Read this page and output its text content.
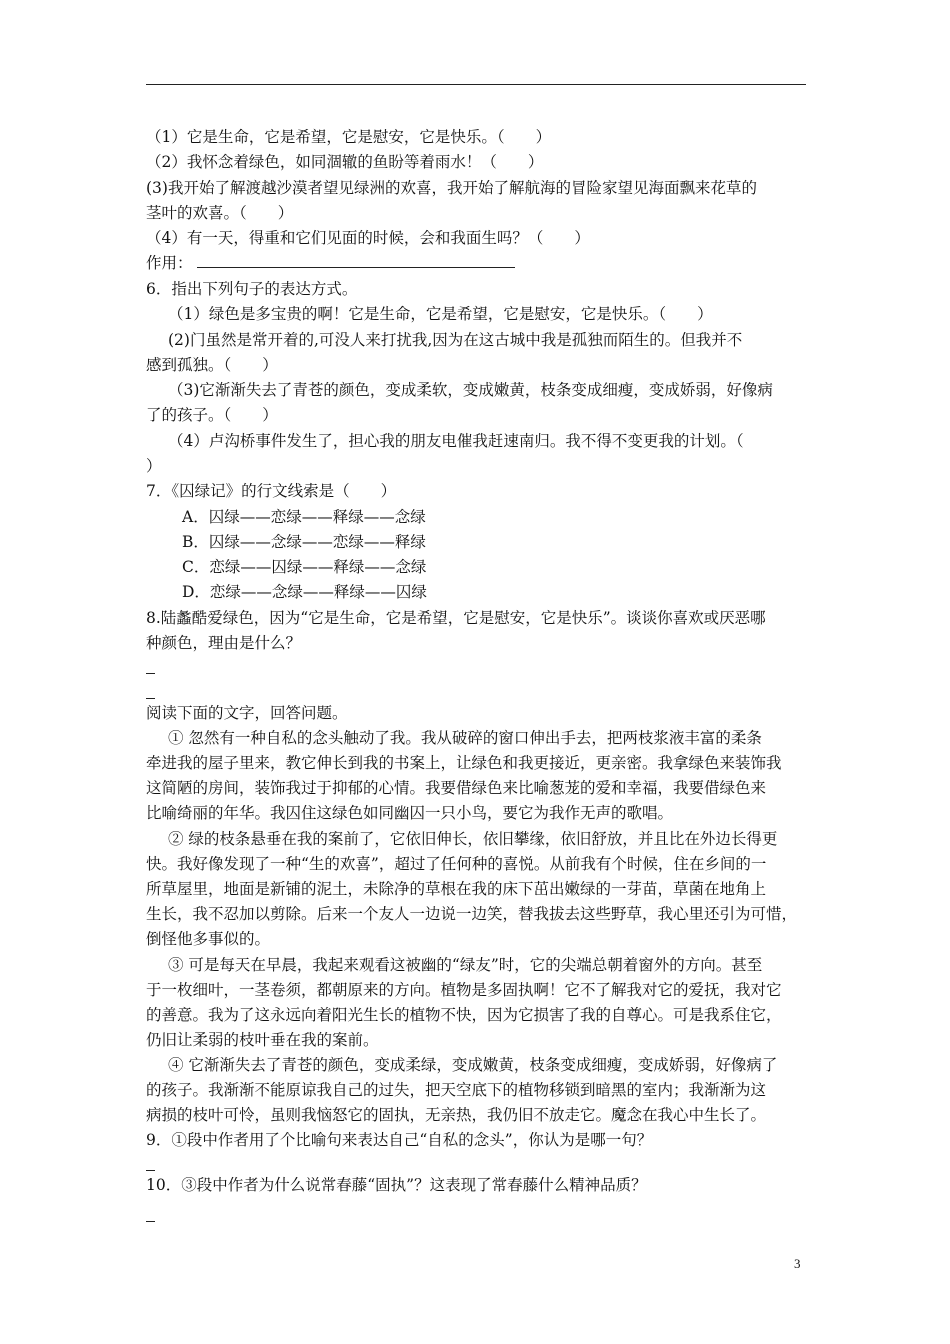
（1）它是生命，它是希望，它是慰安，它是快乐。（　　）
（2）我怀念着绿色，如同涸辙的鱼盼等着雨水！（　　）
(3)我开始了解渡越沙漠者望见绿洲的欢喜，我开始了解航海的冒险家望见海面飘来花草的
茎叶的欢喜。（　　）
（4）有一天，得重和它们见面的时候，会和我面生吗？（　　）
作用：
6．指出下列句子的表达方式。
（1）绿色是多宝贵的啊！它是生命，它是希望，它是慰安，它是快乐。（　　）
(2)门虽然是常开着的,可没人来打扰我,因为在这古城中我是孤独而陌生的。但我并不
感到孤独。（　　）
（3)它渐渐失去了青苍的颜色，变成柔软，变成嫩黄，枝条变成细瘦，变成娇弱，好像病
了的孩子。（　　）
（4）卢沟桥事件发生了，担心我的朋友电催我赶速南归。我不得不变更我的计划。（
）
7．《囚绿记》的行文线索是（　　）
A．囚绿——恋绿——释绿——念绿
B．囚绿——念绿——恋绿——释绿
C．恋绿——囚绿——释绿——念绿
D．恋绿——念绿——释绿——囚绿
8.陆蠡酷爱绿色，因为“它是生命，它是希望，它是慰安，它是快乐”。谈谈你喜欢或厌恶哪
种颜色，理由是什么？
阅读下面的文字，回答问题。
① 忽然有一种自私的念头触动了我。我从破碎的窗口伸出手去，把两枝浆液丰富的柔条
牵进我的屋子里来，教它伸长到我的书案上，让绿色和我更接近，更亲密。我拿绿色来装饰我
这简陋的房间，装饰我过于抑郁的心情。我要借绿色来比喻葱茏的爱和幸福，我要借绿色来
比喻绮丽的年华。我囚住这绿色如同幽囚一只小鸟，要它为我作无声的歌唱。
② 绿的枝条悬垂在我的案前了，它依旧伸长，依旧攀缘，依旧舒放，并且比在外边长得更
快。我好像发现了一种“生的欢喜”，超过了任何种的喜悦。从前我有个时候，住在乡间的一
所草屋里，地面是新铺的泥土，未除净的草根在我的床下茁出嫩绿的一芽苗，草菌在地角上
生长，我不忍加以剪除。后来一个友人一边说一边笑，替我拔去这些野草，我心里还引为可惜，
倒怪他多事似的。
③ 可是每天在早晨，我起来观看这被幽的“绿友”时，它的尖端总朝着窗外的方向。甚至
于一枚细叶，一茎卷须，都朝原来的方向。植物是多固执啊！它不了解我对它的爱抚，我对它
的善意。我为了这永远向着阳光生长的植物不快，因为它损害了我的自尊心。可是我系住它，
仍旧让柔弱的枝叶垂在我的案前。
④ 它渐渐失去了青苍的颜色，变成柔绿，变成嫩黄，枝条变成细瘦，变成娇弱，好像病了
的孩子。我渐渐不能原谅我自己的过失，把天空底下的植物移锁到暗黑的室内；我渐渐为这
病损的枝叶可怜，虽则我恼怒它的固执，无亲热，我仍旧不放走它。魔念在我心中生长了。
9．①段中作者用了个比喻句来表达自己“自私的念头”，你认为是哪一句？
10．③段中作者为什么说常春藤“固执”？这表现了常春藤什么精神品质？
3
